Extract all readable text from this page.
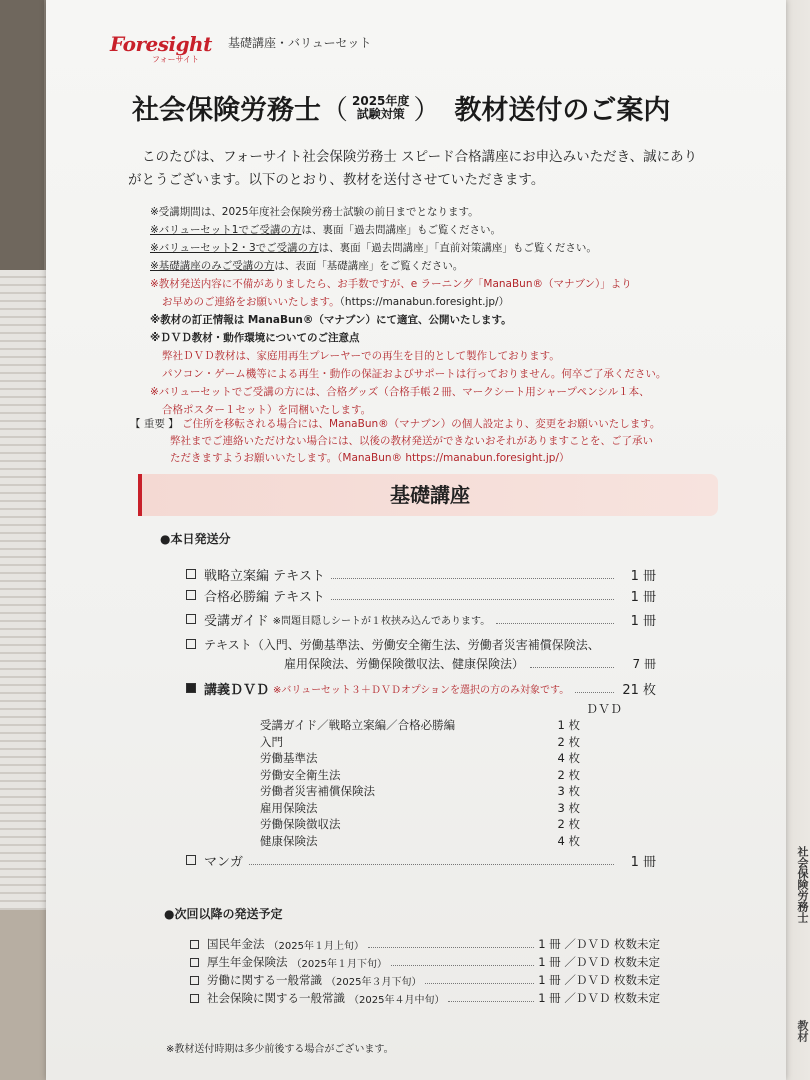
社会保険労務士
教材
Foresight
フォーサイト
基礎講座・バリューセット
社会保険労務士 （ 2025年度
試験対策 ） 教材送付のご案内
このたびは、フォーサイト社会保険労務士 スピード合格講座にお申込みいただき、誠にあり
がとうございます。以下のとおり、教材を送付させていただきます。
※受講期間は、2025年度社会保険労務士試験の前日までとなります。
※バリューセット1でご受講の方は、裏面「過去問講座」もご覧ください。
※バリューセット2・3でご受講の方は、裏面「過去問講座」「直前対策講座」もご覧ください。
※基礎講座のみご受講の方は、表面「基礎講座」をご覧ください。
※教材発送内容に不備がありましたら、お手数ですが、e ラーニング「ManaBun®（マナブン）」より
お早めのご連絡をお願いいたします。（https://manabun.foresight.jp/）
※教材の訂正情報は ManaBun®（マナブン）にて適宜、公開いたします。
※ＤＶＤ教材・動作環境についてのご注意点
弊社ＤＶＤ教材は、家庭用再生プレーヤーでの再生を目的として製作しております。
パソコン・ゲーム機等による再生・動作の保証およびサポートは行っておりません。何卒ご了承ください。
※バリューセットでご受講の方には、合格グッズ（合格手帳２冊、マークシート用シャープペンシル１本、
合格ポスター１セット）を同梱いたします。
【 重要 】 ご住所を移転される場合には、ManaBun®（マナブン）の個人設定より、変更をお願いいたします。
弊社までご連絡いただけない場合には、以後の教材発送ができないおそれがありますことを、ご了承い
ただきますようお願いいたします。（ManaBun® https://manabun.foresight.jp/）
基礎講座
●本日発送分
戦略立案編 テキスト	1 冊
合格必勝編 テキスト	1 冊
受講ガイド ※問題目隠しシートが１枚挟み込んであります。	1 冊
テキスト（入門、労働基準法、労働安全衛生法、労働者災害補償保険法、
雇用保険法、労働保険徴収法、健康保険法）	7 冊
講義ＤＶＤ ※バリューセット３＋ＤＶＤオプションを選択の方のみ対象です。	21 枚
ＤＶＤ
受講ガイド／戦略立案編／合格必勝編	1 枚
入門	2 枚
労働基準法	4 枚
労働安全衛生法	2 枚
労働者災害補償保険法	3 枚
雇用保険法	3 枚
労働保険徴収法	2 枚
健康保険法	4 枚
マンガ	1 冊
●次回以降の発送予定
国民年金法 （2025年１月上旬）	1 冊 ／ＤＶＤ 枚数未定
厚生年金保険法 （2025年１月下旬）	1 冊 ／ＤＶＤ 枚数未定
労働に関する一般常識 （2025年３月下旬）	1 冊 ／ＤＶＤ 枚数未定
社会保険に関する一般常識 （2025年４月中旬）	1 冊 ／ＤＶＤ 枚数未定
※教材送付時期は多少前後する場合がございます。
